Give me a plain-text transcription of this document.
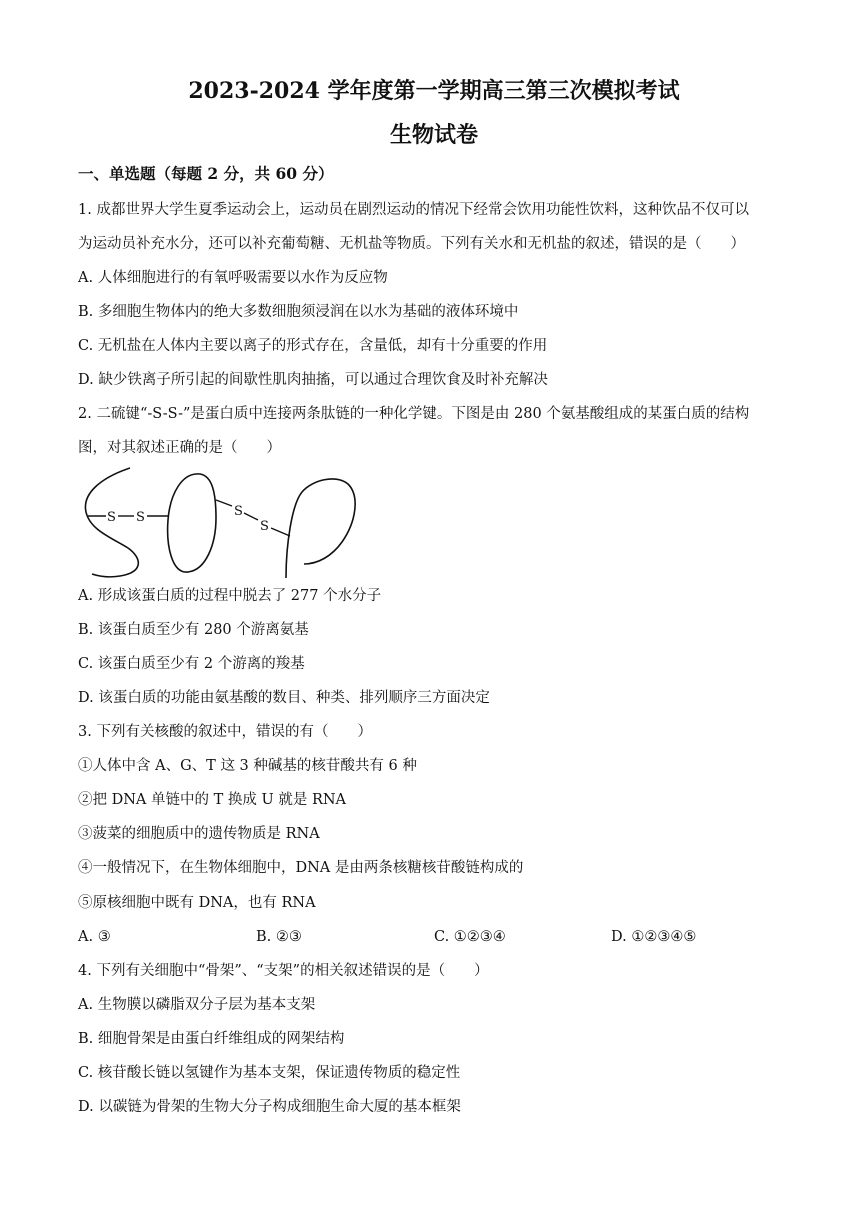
2023-2024 学年度第一学期高三第三次模拟考试
生物试卷
一、单选题（每题 2 分，共 60 分）
1. 成都世界大学生夏季运动会上，运动员在剧烈运动的情况下经常会饮用功能性饮料，这种饮品不仅可以
为运动员补充水分，还可以补充葡萄糖、无机盐等物质。下列有关水和无机盐的叙述，错误的是（　　）
A. 人体细胞进行的有氧呼吸需要以水作为反应物
B. 多细胞生物体内的绝大多数细胞须浸润在以水为基础的液体环境中
C. 无机盐在人体内主要以离子的形式存在，含量低，却有十分重要的作用
D. 缺少铁离子所引起的间歇性肌肉抽搐，可以通过合理饮食及时补充解决
2. 二硫键“-S-S-”是蛋白质中连接两条肽链的一种化学键。下图是由 280 个氨基酸组成的某蛋白质的结构
图，对其叙述正确的是（　　）
S S	S
S
A. 形成该蛋白质的过程中脱去了 277 个水分子
B. 该蛋白质至少有 280 个游离氨基
C. 该蛋白质至少有 2 个游离的羧基
D. 该蛋白质的功能由氨基酸的数目、种类、排列顺序三方面决定
3. 下列有关核酸的叙述中，错误的有（　　）
①人体中含 A、G、T 这 3 种碱基的核苷酸共有 6 种
②把 DNA 单链中的 T 换成 U 就是 RNA
③菠菜的细胞质中的遗传物质是 RNA
④一般情况下，在生物体细胞中，DNA 是由两条核糖核苷酸链构成的
⑤原核细胞中既有 DNA，也有 RNA
A. ③	B. ②③	C. ①②③④	D. ①②③④⑤
4. 下列有关细胞中“骨架”、“支架”的相关叙述错误的是（　　）
A. 生物膜以磷脂双分子层为基本支架
B. 细胞骨架是由蛋白纤维组成的网架结构
C. 核苷酸长链以氢键作为基本支架，保证遗传物质的稳定性
D. 以碳链为骨架的生物大分子构成细胞生命大厦的基本框架
